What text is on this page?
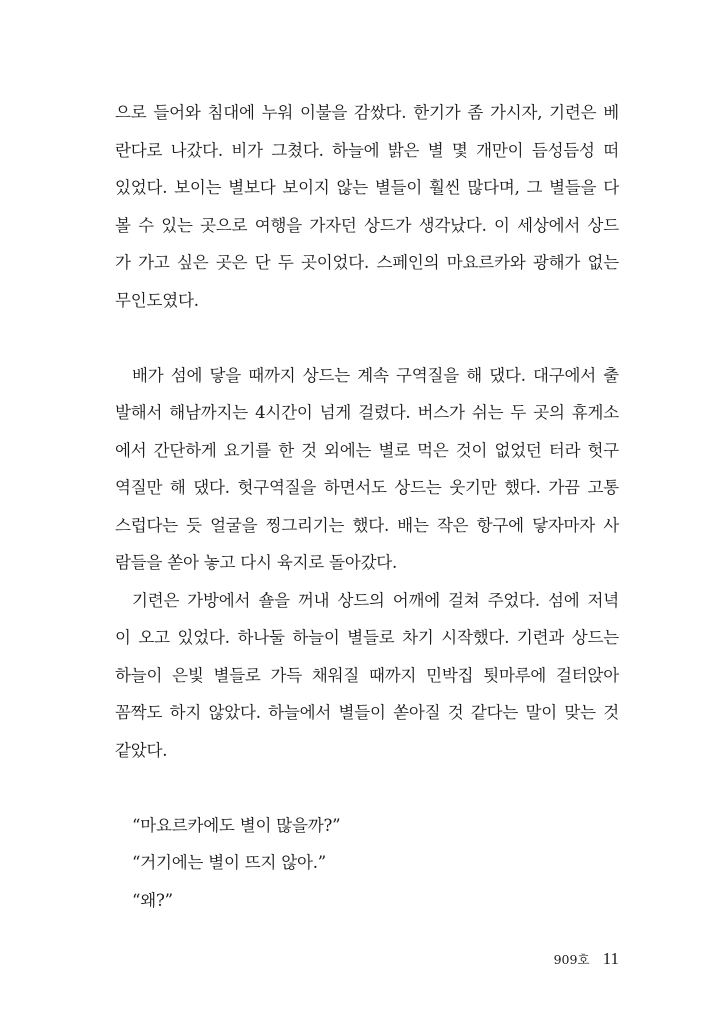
으로 들어와 침대에 누워 이불을 감쌌다. 한기가 좀 가시자, 기련은 베
란다로 나갔다. 비가 그쳤다. 하늘에 밝은 별 몇 개만이 듬성듬성 떠
있었다. 보이는 별보다 보이지 않는 별들이 훨씬 많다며, 그 별들을 다
볼 수 있는 곳으로 여행을 가자던 상드가 생각났다. 이 세상에서 상드
가 가고 싶은 곳은 단 두 곳이었다. 스페인의 마요르카와 광해가 없는
무인도였다.
배가 섬에 닿을 때까지 상드는 계속 구역질을 해 댔다. 대구에서 출
발해서 해남까지는 4시간이 넘게 걸렸다. 버스가 쉬는 두 곳의 휴게소
에서 간단하게 요기를 한 것 외에는 별로 먹은 것이 없었던 터라 헛구
역질만 해 댔다. 헛구역질을 하면서도 상드는 웃기만 했다. 가끔 고통
스럽다는 듯 얼굴을 찡그리기는 했다. 배는 작은 항구에 닿자마자 사
람들을 쏟아 놓고 다시 육지로 돌아갔다.
기련은 가방에서 숄을 꺼내 상드의 어깨에 걸쳐 주었다. 섬에 저녁
이 오고 있었다. 하나둘 하늘이 별들로 차기 시작했다. 기련과 상드는
하늘이 은빛 별들로 가득 채워질 때까지 민박집 툇마루에 걸터앉아
꼼짝도 하지 않았다. 하늘에서 별들이 쏟아질 것 같다는 말이 맞는 것
같았다.
“마요르카에도 별이 많을까?”
“거기에는 별이 뜨지 않아.”
“왜?”
909호 11
